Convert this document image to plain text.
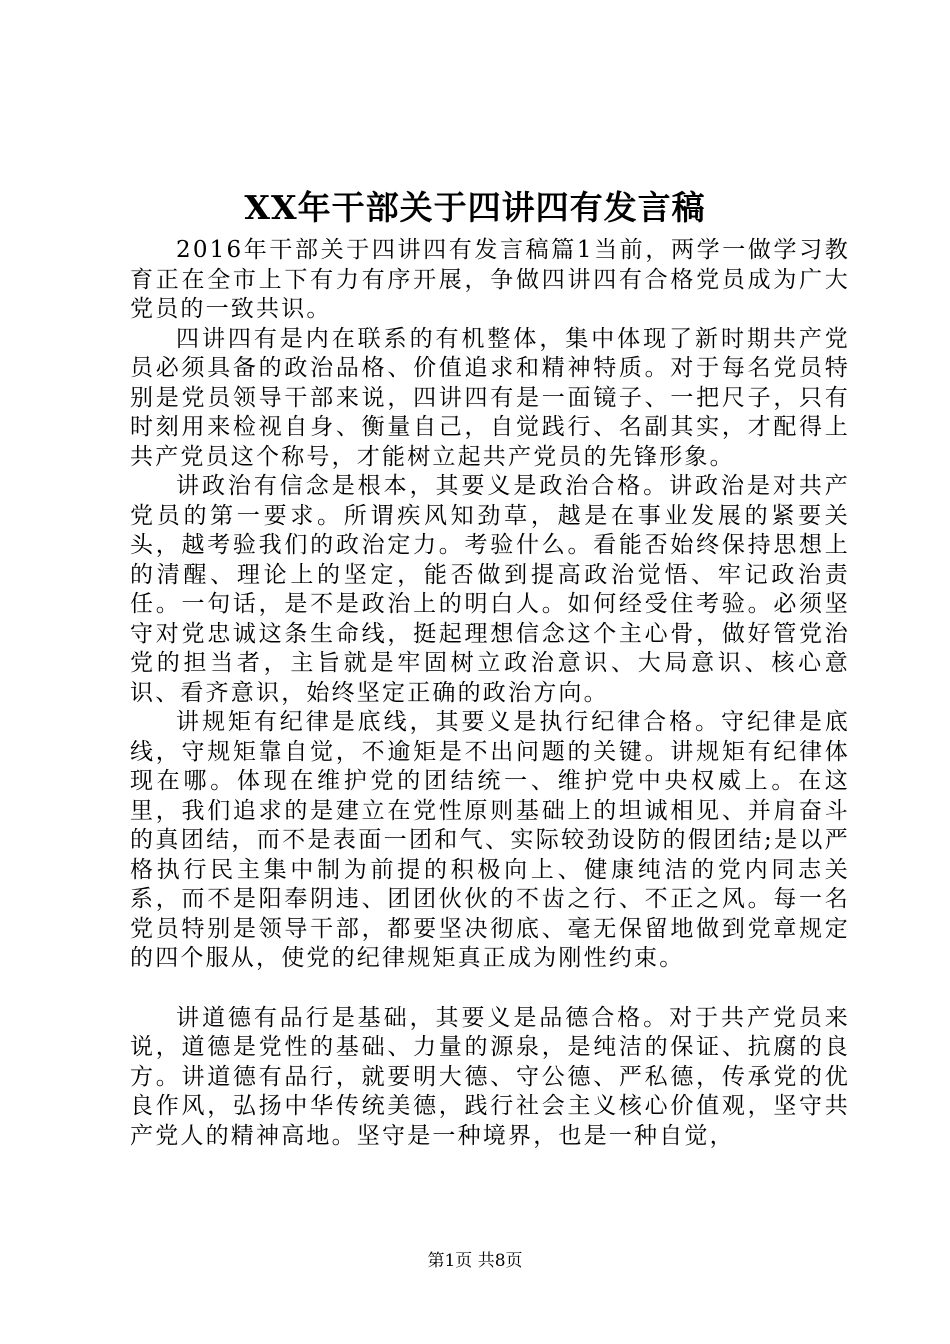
XX年干部关于四讲四有发言稿

2016年干部关于四讲四有发言稿篇1当前，两学一做学习教育正在全市上下有力有序开展，争做四讲四有合格党员成为广大党员的一致共识。

四讲四有是内在联系的有机整体，集中体现了新时期共产党员必须具备的政治品格、价值追求和精神特质。对于每名党员特别是党员领导干部来说，四讲四有是一面镜子、一把尺子，只有时刻用来检视自身、衡量自己，自觉践行、名副其实，才配得上共产党员这个称号，才能树立起共产党员的先锋形象。

讲政治有信念是根本，其要义是政治合格。讲政治是对共产党员的第一要求。所谓疾风知劲草，越是在事业发展的紧要关头，越考验我们的政治定力。考验什么。看能否始终保持思想上的清醒、理论上的坚定，能否做到提高政治觉悟、牢记政治责任。一句话，是不是政治上的明白人。如何经受住考验。必须坚守对党忠诚这条生命线，挺起理想信念这个主心骨，做好管党治党的担当者，主旨就是牢固树立政治意识、大局意识、核心意识、看齐意识，始终坚定正确的政治方向。

讲规矩有纪律是底线，其要义是执行纪律合格。守纪律是底线，守规矩靠自觉，不逾矩是不出问题的关键。讲规矩有纪律体现在哪。体现在维护党的团结统一、维护党中央权威上。在这里，我们追求的是建立在党性原则基础上的坦诚相见、并肩奋斗的真团结，而不是表面一团和气、实际较劲设防的假团结;是以严格执行民主集中制为前提的积极向上、健康纯洁的党内同志关系，而不是阳奉阴违、团团伙伙的不齿之行、不正之风。每一名党员特别是领导干部，都要坚决彻底、毫无保留地做到党章规定的四个服从，使党的纪律规矩真正成为刚性约束。

讲道德有品行是基础，其要义是品德合格。对于共产党员来说，道德是党性的基础、力量的源泉，是纯洁的保证、抗腐的良方。讲道德有品行，就要明大德、守公德、严私德，传承党的优良作风，弘扬中华传统美德，践行社会主义核心价值观，坚守共产党人的精神高地。坚守是一种境界，也是一种自觉，

第1页 共8页
